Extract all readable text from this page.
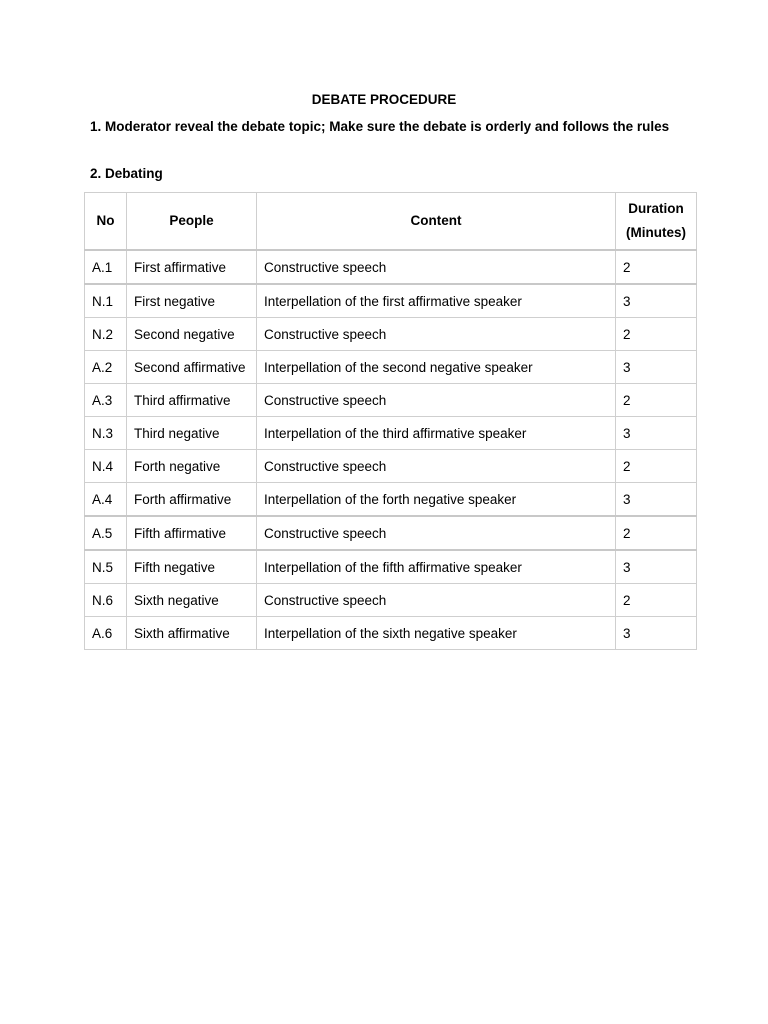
DEBATE PROCEDURE
1. Moderator reveal the debate topic; Make sure the debate is orderly and follows the rules
2. Debating
No	People	Content	Duration
(Minutes)
A.1	First affirmative	Constructive speech	2
N.1	First negative	Interpellation of the first affirmative speaker	3
N.2	Second negative	Constructive speech	2
A.2	Second affirmative	Interpellation of the second negative speaker	3
A.3	Third affirmative	Constructive speech	2
N.3	Third negative	Interpellation of the third affirmative speaker	3
N.4	Forth negative	Constructive speech	2
A.4	Forth affirmative	Interpellation of the forth negative speaker	3
A.5	Fifth affirmative	Constructive speech	2
N.5	Fifth negative	Interpellation of the fifth affirmative speaker	3
N.6	Sixth negative	Constructive speech	2
A.6	Sixth affirmative	Interpellation of the sixth negative speaker	3
